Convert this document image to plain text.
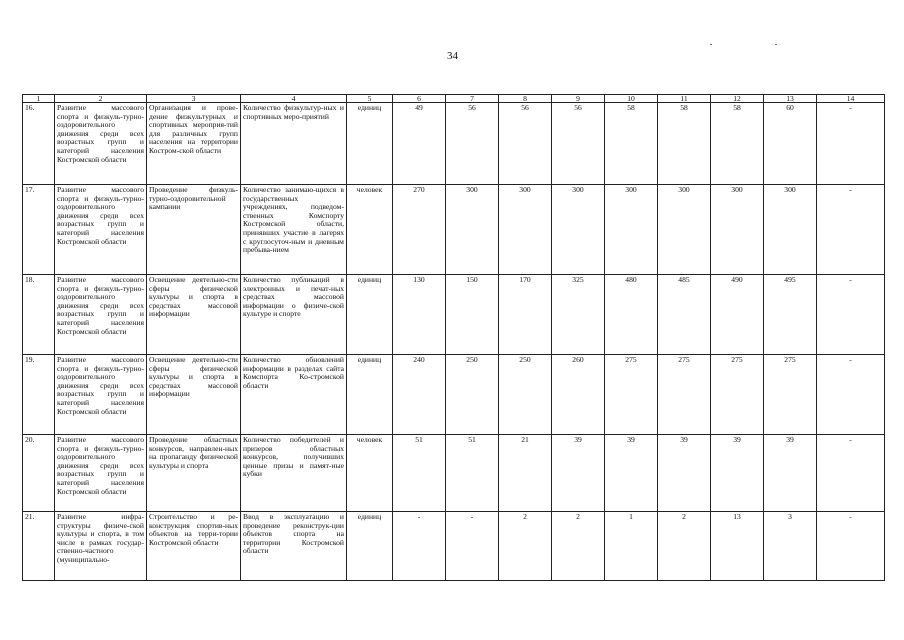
34
1	2	3	4	5	6	7	8	9	10	11	12	13	14
16.	Развитие массового спорта и физкуль-турно-оздоровительного движения среди всех возрастных групп и категорий населения Костромской области	Организация и прове-дение физкультурных и спортивных мероприя-тий для различных групп населения на территории Костром-ской области	Количество физкультур-ных и спортивных меро-приятий	единиц	49	56	56	56	58	58	58	60	-
17.	Развитие массового спорта и физкуль-турно-оздоровительного движения среди всех возрастных групп и категорий населения Костромской области	Проведение физкуль-турно-оздоровительной кампании	Количество занимаю-щихся в государственных учреждениях, подведом-ственных Комспорту Костромской области, принявших участие в лагерях с круглосуточ-ным и дневным пребыва-нием	человек	270	300	300	300	300	300	300	300	-
18.	Развитие массового спорта и физкуль-турно-оздоровительного движения среди всех возрастных групп и категорий населения Костромской области	Освещение деятельно-сти сферы физической культуры и спорта в средствах массовой информации	Количество публикаций в электронных и печат-ных средствах массовой информации о физиче-ской культуре и спорте	единиц	130	150	170	325	480	485	490	495	-
19.	Развитие массового спорта и физкуль-турно-оздоровительного движения среди всех возрастных групп и категорий населения Костромской области	Освещение деятельно-сти сферы физической культуры и спорта в средствах массовой информации	Количество обновлений информации в разделах сайта Комспорта Ко-стромской области	единиц	240	250	250	260	275	275	275	275	-
20.	Развитие массового спорта и физкуль-турно-оздоровительного движения среди всех возрастных групп и категорий населения Костромской области	Проведение областных конкурсов, направлен-ных на пропаганду физической культуры и спорта	Количество победителей и призеров областных конкурсов, получивших ценные призы и памят-ные кубки	человек	51	51	21	39	39	39	39	39	-
21.	Развитие инфра-структуры физиче-ской культуры и спорта, в том числе в рамках государ-ственно-частного (муниципально-	Строительство и ре-конструкция спортив-ных объектов на терри-тории Костромской области	Ввод в эксплуатацию и проведение реконструк-ции объектов спорта на территории Костромской области	единиц	-	-	2	2	1	2	13	3	-
